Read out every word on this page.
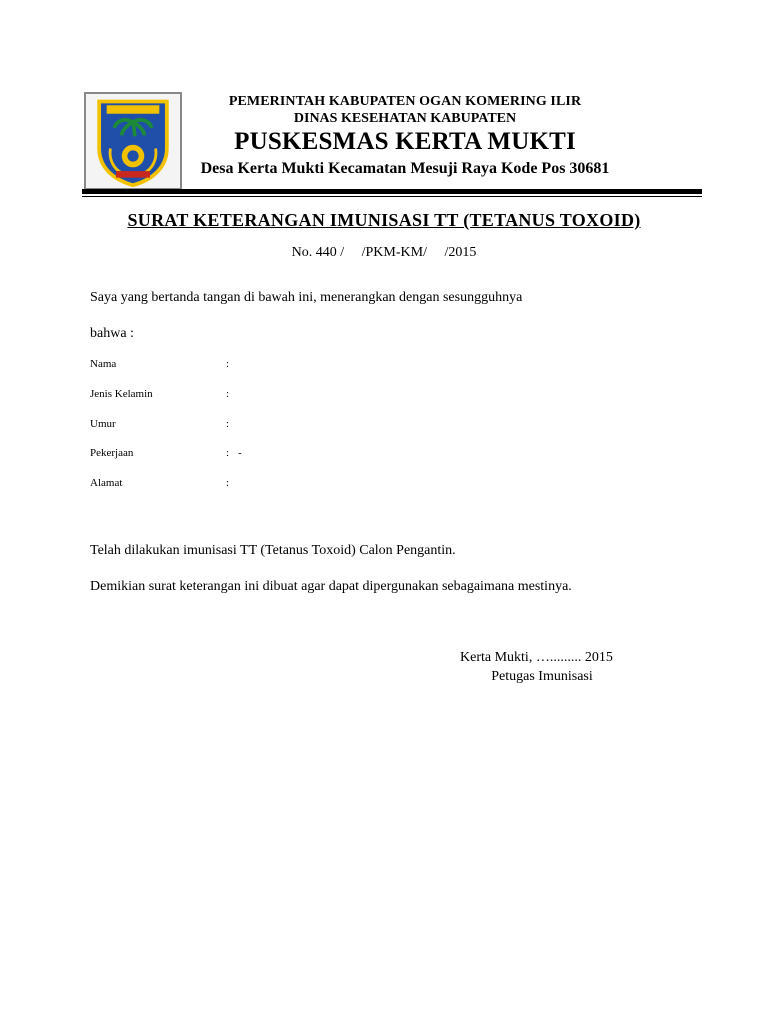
PEMERINTAH KABUPATEN OGAN KOMERING ILIR
DINAS KESEHATAN KABUPATEN
PUSKESMAS KERTA MUKTI
Desa Kerta Mukti Kecamatan Mesuji Raya Kode Pos 30681
SURAT KETERANGAN IMUNISASI TT (TETANUS TOXOID)
No. 440 /     /PKM-KM/     /2015
Saya yang bertanda tangan di bawah ini, menerangkan dengan sesungguhnya
bahwa :
Nama	:
Jenis Kelamin	:
Umur	:
Pekerjaan	: -
Alamat	:
Telah dilakukan imunisasi TT (Tetanus Toxoid) Calon Pengantin.
Demikian surat keterangan ini dibuat agar dapat dipergunakan sebagaimana mestinya.
Kerta Mukti, …......... 2015
Petugas Imunisasi
